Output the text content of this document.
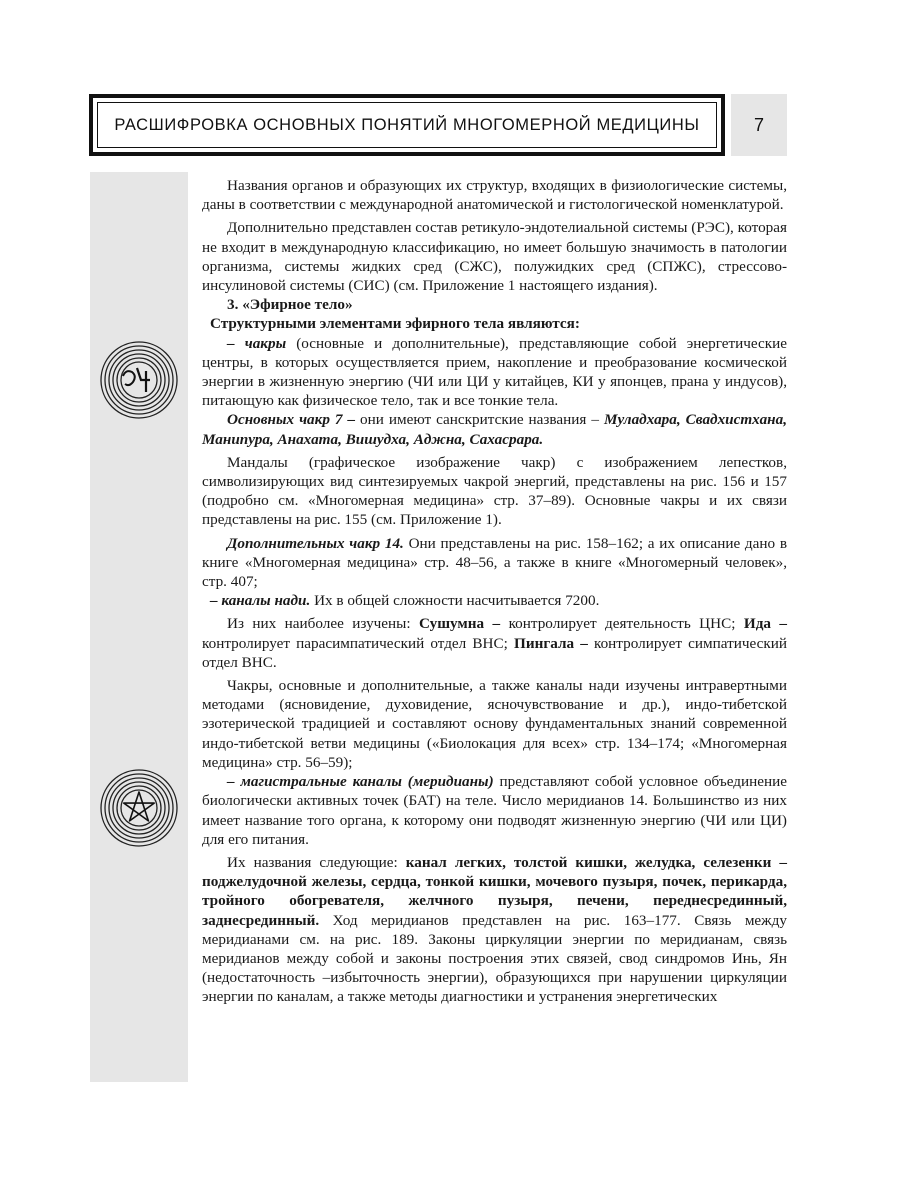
РАСШИФРОВКА ОСНОВНЫХ ПОНЯТИЙ МНОГОМЕРНОЙ МЕДИЦИНЫ	7

Названия органов и образующих их структур, входящих в физиологические системы, даны в соответствии с международной анатомической и гистологической номенклатурой.

Дополнительно представлен состав ретикуло-эндотелиальной системы (РЭС), которая не входит в международную классификацию, но имеет большую значимость в патологии организма, системы жидких сред (СЖС), полужидких сред (СПЖС), стрессово-инсулиновой системы (СИС) (см. Приложение 1 настоящего издания).

3. «Эфирное тело»

Структурными элементами эфирного тела являются:

– чакры (основные и дополнительные), представляющие собой энергетические центры, в которых осуществляется прием, накопление и преобразование космической энергии в жизненную энергию (ЧИ или ЦИ у китайцев, КИ у японцев, прана у индусов), питающую как физическое тело, так и все тонкие тела.

Основных чакр 7 – они имеют санскритские названия – Муладхара, Свадхистхана, Манипура, Анахата, Вишудха, Аджна, Сахасрара.

Мандалы (графическое изображение чакр) с изображением лепестков, символизирующих вид синтезируемых чакрой энергий, представлены на рис. 156 и 157 (подробно см. «Многомерная медицина» стр. 37–89). Основные чакры и их связи представлены на рис. 155 (см. Приложение 1).

Дополнительных чакр 14. Они представлены на рис. 158–162; а их описание дано в книге «Многомерная медицина» стр. 48–56, а также в книге «Многомерный человек», стр. 407;

– каналы нади. Их в общей сложности насчитывается 7200.

Из них наиболее изучены: Сушумна – контролирует деятельность ЦНС; Ида – контролирует парасимпатический отдел ВНС; Пингала – контролирует симпатический отдел ВНС.

Чакры, основные и дополнительные, а также каналы нади изучены интравертными методами (ясновидение, духовидение, ясночувствование и др.), индо-тибетской эзотерической традицией и составляют основу фундаментальных знаний современной индо-тибетской ветви медицины («Биолокация для всех» стр. 134–174; «Многомерная медицина» стр. 56–59);

– магистральные каналы (меридианы) представляют собой условное объединение биологически активных точек (БАТ) на теле. Число меридианов 14. Большинство из них имеет название того органа, к которому они подводят жизненную энергию (ЧИ или ЦИ) для его питания.

Их названия следующие: канал легких, толстой кишки, желудка, селезенки – поджелудочной железы, сердца, тонкой кишки, мочевого пузыря, почек, перикарда, тройного обогревателя, желчного пузыря, печени, переднесрединный, заднесрединный. Ход меридианов представлен на рис. 163–177. Связь между меридианами см. на рис. 189. Законы циркуляции энергии по меридианам, связь меридианов между собой и законы построения этих связей, свод синдромов Инь, Ян (недостаточность –избыточность энергии), образующихся при нарушении циркуляции энергии по каналам, а также методы диагностики и устранения энергетических
